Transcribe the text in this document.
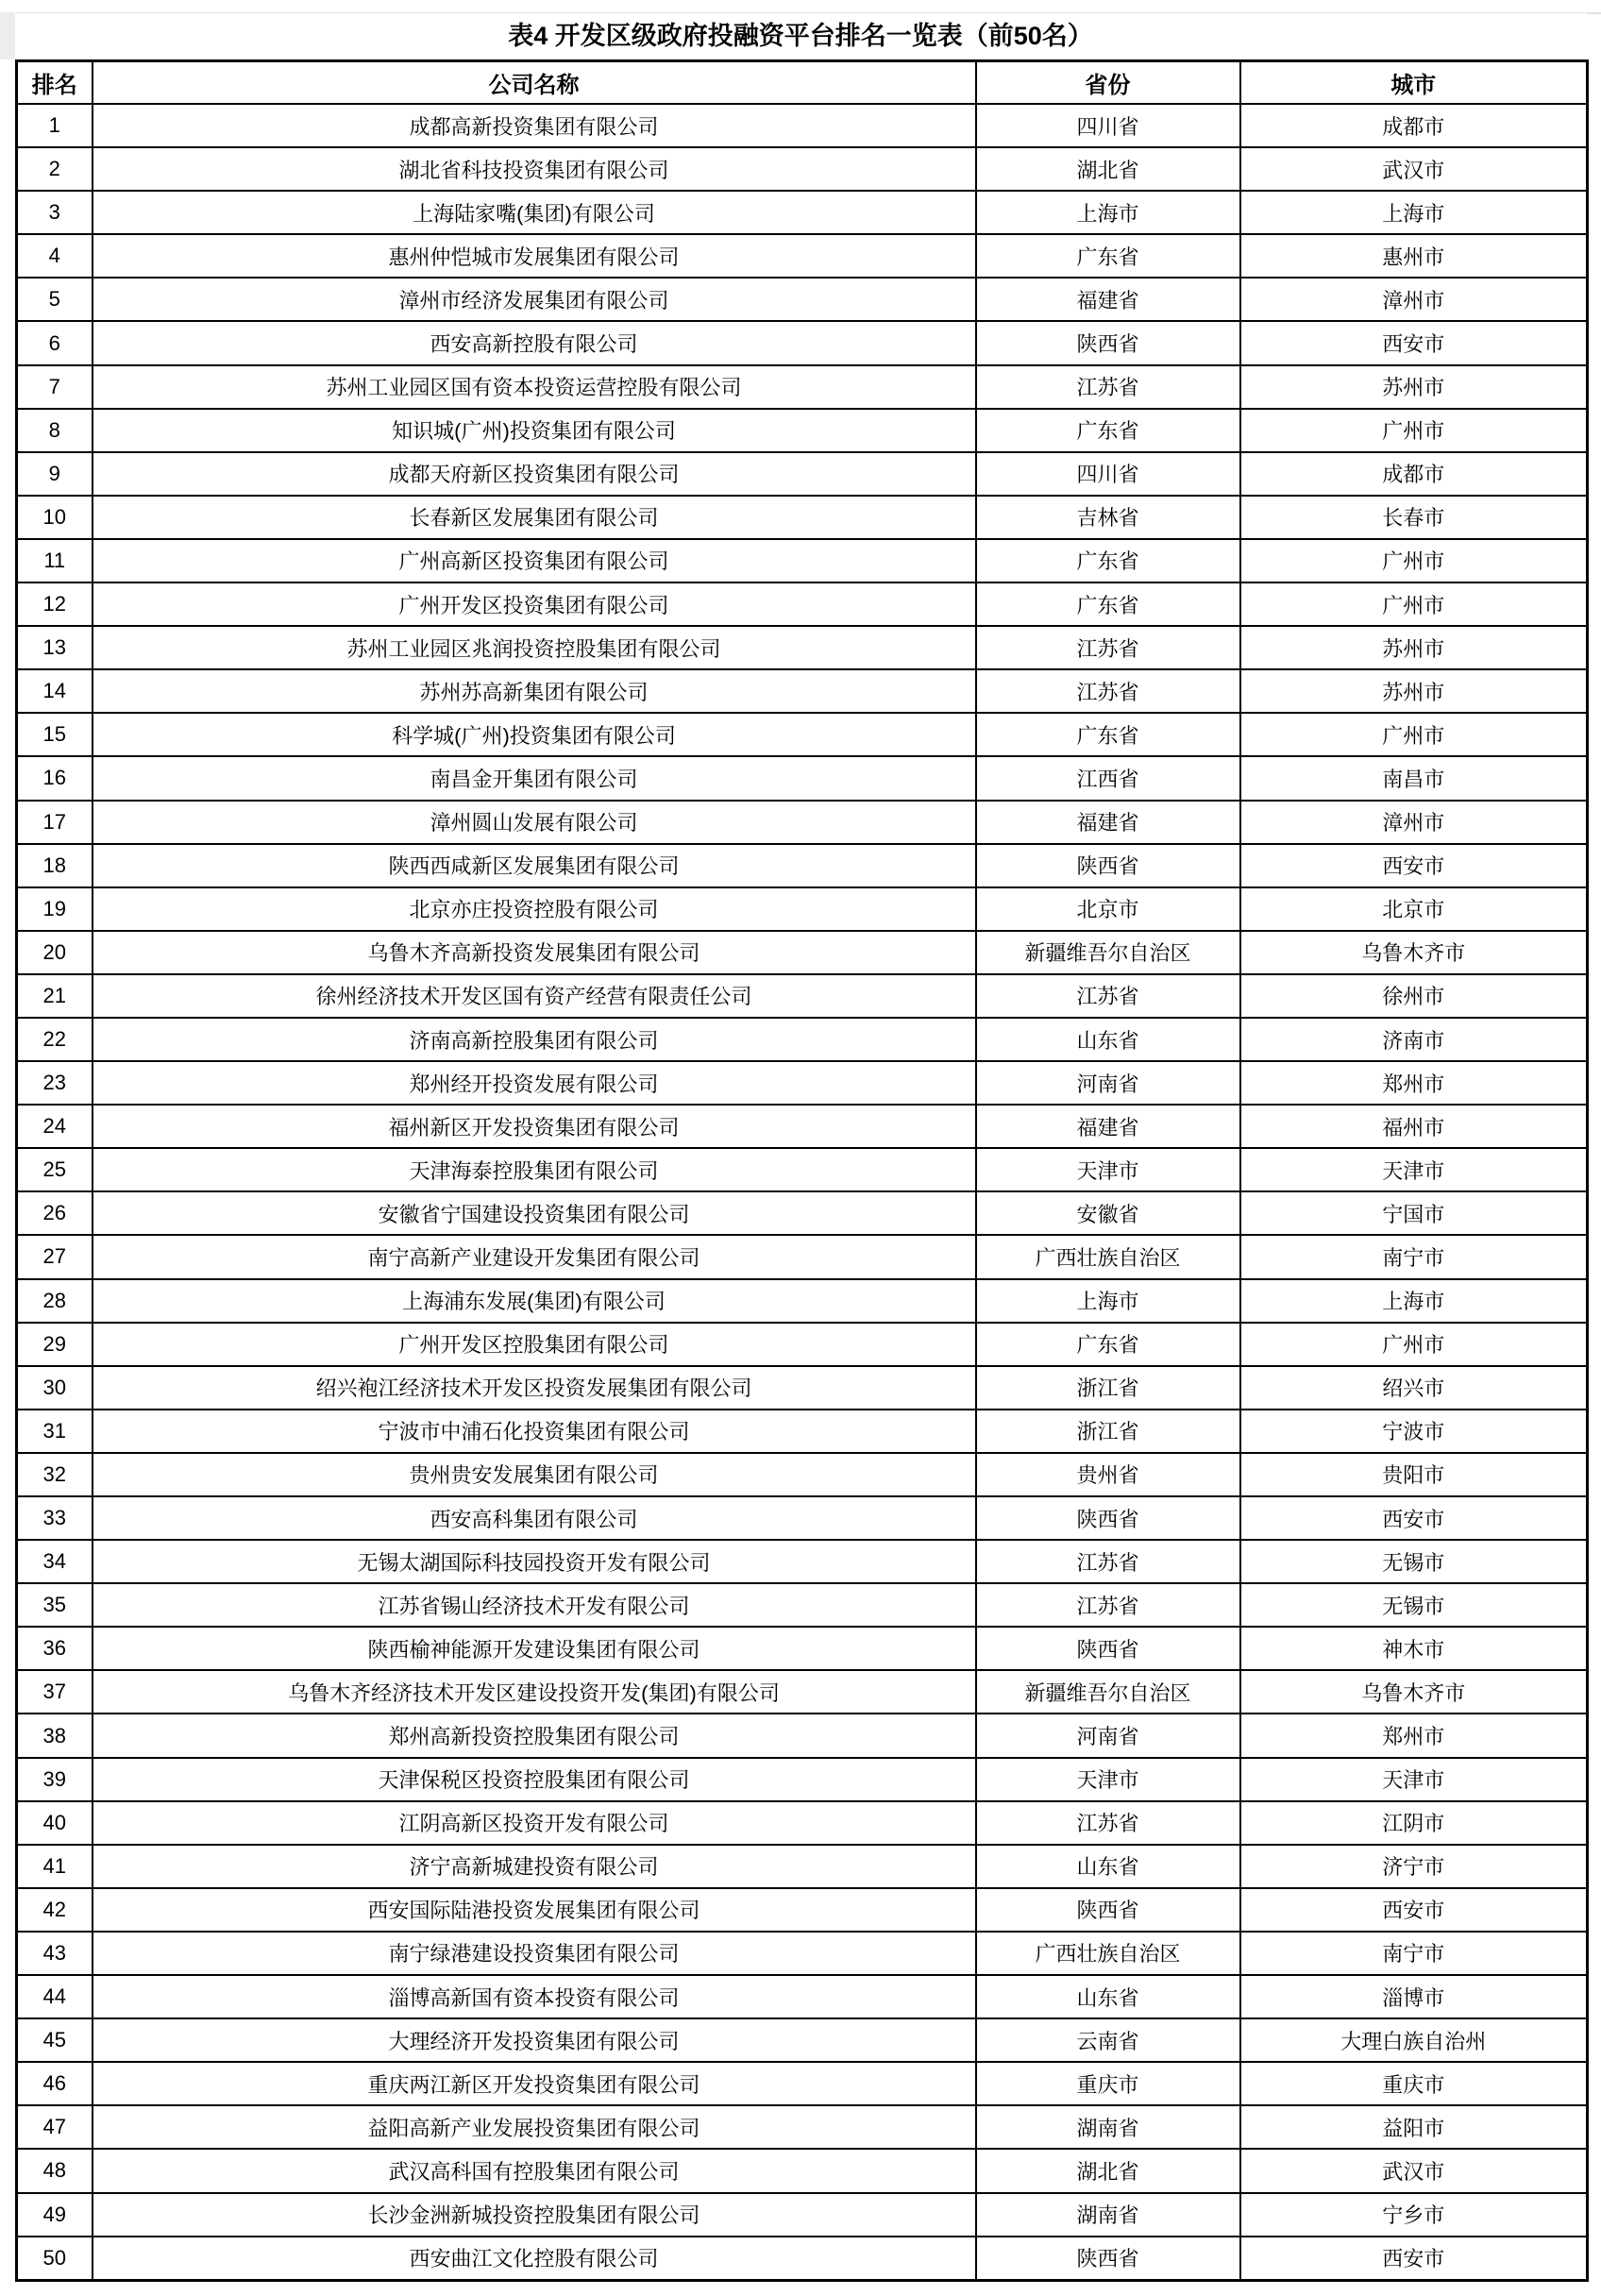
表4 开发区级政府投融资平台排名一览表（前50名）
排名	公司名称	省份	城市
1	成都高新投资集团有限公司	四川省	成都市
2	湖北省科技投资集团有限公司	湖北省	武汉市
3	上海陆家嘴(集团)有限公司	上海市	上海市
4	惠州仲恺城市发展集团有限公司	广东省	惠州市
5	漳州市经济发展集团有限公司	福建省	漳州市
6	西安高新控股有限公司	陕西省	西安市
7	苏州工业园区国有资本投资运营控股有限公司	江苏省	苏州市
8	知识城(广州)投资集团有限公司	广东省	广州市
9	成都天府新区投资集团有限公司	四川省	成都市
10	长春新区发展集团有限公司	吉林省	长春市
11	广州高新区投资集团有限公司	广东省	广州市
12	广州开发区投资集团有限公司	广东省	广州市
13	苏州工业园区兆润投资控股集团有限公司	江苏省	苏州市
14	苏州苏高新集团有限公司	江苏省	苏州市
15	科学城(广州)投资集团有限公司	广东省	广州市
16	南昌金开集团有限公司	江西省	南昌市
17	漳州圆山发展有限公司	福建省	漳州市
18	陕西西咸新区发展集团有限公司	陕西省	西安市
19	北京亦庄投资控股有限公司	北京市	北京市
20	乌鲁木齐高新投资发展集团有限公司	新疆维吾尔自治区	乌鲁木齐市
21	徐州经济技术开发区国有资产经营有限责任公司	江苏省	徐州市
22	济南高新控股集团有限公司	山东省	济南市
23	郑州经开投资发展有限公司	河南省	郑州市
24	福州新区开发投资集团有限公司	福建省	福州市
25	天津海泰控股集团有限公司	天津市	天津市
26	安徽省宁国建设投资集团有限公司	安徽省	宁国市
27	南宁高新产业建设开发集团有限公司	广西壮族自治区	南宁市
28	上海浦东发展(集团)有限公司	上海市	上海市
29	广州开发区控股集团有限公司	广东省	广州市
30	绍兴袍江经济技术开发区投资发展集团有限公司	浙江省	绍兴市
31	宁波市中浦石化投资集团有限公司	浙江省	宁波市
32	贵州贵安发展集团有限公司	贵州省	贵阳市
33	西安高科集团有限公司	陕西省	西安市
34	无锡太湖国际科技园投资开发有限公司	江苏省	无锡市
35	江苏省锡山经济技术开发有限公司	江苏省	无锡市
36	陕西榆神能源开发建设集团有限公司	陕西省	神木市
37	乌鲁木齐经济技术开发区建设投资开发(集团)有限公司	新疆维吾尔自治区	乌鲁木齐市
38	郑州高新投资控股集团有限公司	河南省	郑州市
39	天津保税区投资控股集团有限公司	天津市	天津市
40	江阴高新区投资开发有限公司	江苏省	江阴市
41	济宁高新城建投资有限公司	山东省	济宁市
42	西安国际陆港投资发展集团有限公司	陕西省	西安市
43	南宁绿港建设投资集团有限公司	广西壮族自治区	南宁市
44	淄博高新国有资本投资有限公司	山东省	淄博市
45	大理经济开发投资集团有限公司	云南省	大理白族自治州
46	重庆两江新区开发投资集团有限公司	重庆市	重庆市
47	益阳高新产业发展投资集团有限公司	湖南省	益阳市
48	武汉高科国有控股集团有限公司	湖北省	武汉市
49	长沙金洲新城投资控股集团有限公司	湖南省	宁乡市
50	西安曲江文化控股有限公司	陕西省	西安市
